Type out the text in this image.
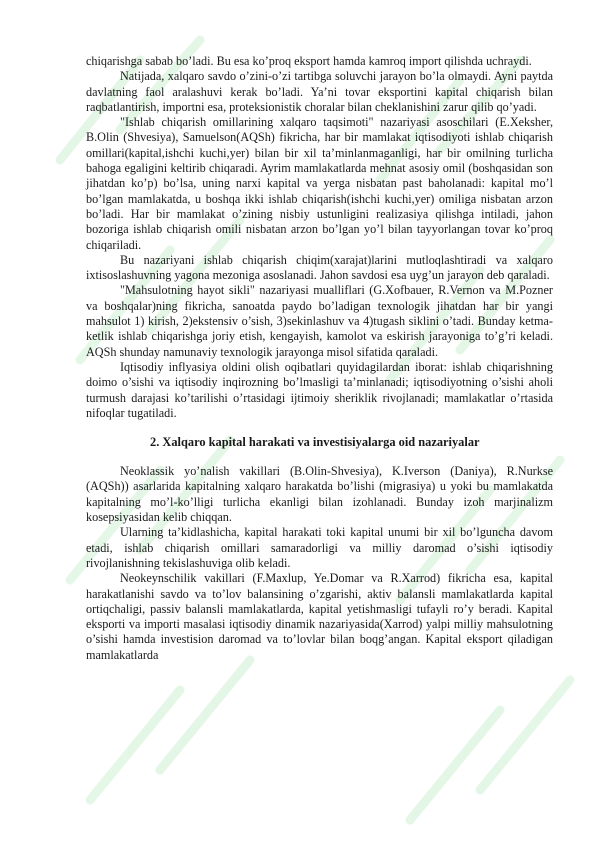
chiqarishga sabab bo’ladi. Bu esa ko’proq eksport hamda kamroq import qilishda uchraydi.

Natijada, xalqaro savdo o’zini-o’zi tartibga soluvchi jarayon bo’la olmaydi. Ayni paytda davlatning faol aralashuvi kerak bo’ladi. Ya’ni tovar eksportini kapital chiqarish bilan raqbatlantirish, importni esa, proteksionistik choralar bilan cheklanishini zarur qilib qo’yadi.

"Ishlab chiqarish omillarining xalqaro taqsimoti" nazariyasi asoschilari (E.Xeksher, B.Olin (Shvesiya), Samuelson(AQSh) fikricha, har bir mamlakat iqtisodiyoti ishlab chiqarish omillari(kapital,ishchi kuchi,yer) bilan bir xil ta’minlanmaganligi, har bir omilning turlicha bahoga egaligini keltirib chiqaradi. Ayrim mamlakatlarda mehnat asosiy omil (boshqasidan son jihatdan ko’p) bo’lsa, uning narxi kapital va yerga nisbatan past baholanadi: kapital mo’l bo’lgan mamlakatda, u boshqa ikki ishlab chiqarish(ishchi kuchi,yer) omiliga nisbatan arzon bo’ladi. Har bir mamlakat o’zining nisbiy ustunligini realizasiya qilishga intiladi, jahon bozoriga ishlab chiqarish omili nisbatan arzon bo’lgan yo’l bilan tayyorlangan tovar ko’proq chiqariladi.

Bu nazariyani ishlab chiqarish chiqim(xarajat)larini mutloqlashtiradi va xalqaro ixtisoslashuvning yagona mezoniga asoslanadi. Jahon savdosi esa uyg’un jarayon deb qaraladi.

"Mahsulotning hayot sikli" nazariyasi mualliflari (G.Xofbauer, R.Vernon va M.Pozner va boshqalar)ning fikricha, sanoatda paydo bo’ladigan texnologik jihatdan har bir yangi mahsulot 1) kirish, 2)ekstensiv o’sish, 3)sekinlashuv va 4)tugash siklini o’tadi. Bunday ketma-ketlik ishlab chiqarishga joriy etish, kengayish, kamolot va eskirish jarayoniga to’g’ri keladi. AQSh shunday namunaviy texnologik jarayonga misol sifatida qaraladi.

Iqtisodiy inflyasiya oldini olish oqibatlari quyidagilardan iborat: ishlab chiqarishning doimo o’sishi va iqtisodiy inqirozning bo’lmasligi ta’minlanadi; iqtisodiyotning o’sishi aholi turmush darajasi ko’tarilishi o’rtasidagi ijtimoiy sheriklik rivojlanadi; mamlakatlar o’rtasida nifoqlar tugatiladi.

2. Xalqaro kapital harakati va investisiyalarga oid nazariyalar

Neoklassik yo’nalish vakillari (B.Olin-Shvesiya), K.Iverson (Daniya), R.Nurkse (AQSh)) asarlarida kapitalning xalqaro harakatda bo’lishi (migrasiya) u yoki bu mamlakatda kapitalning mo’l-ko’lligi turlicha ekanligi bilan izohlanadi. Bunday izoh marjinalizm kosepsiyasidan kelib chiqqan.

Ularning ta’kidlashicha, kapital harakati toki kapital unumi bir xil bo’lguncha davom etadi, ishlab chiqarish omillari samaradorligi va milliy daromad o’sishi iqtisodiy rivojlanishning tekislashuviga olib keladi.

Neokeynschilik vakillari (F.Maxlup, Ye.Domar va R.Xarrod) fikricha esa, kapital harakatlanishi savdo va to’lov balansining o’zgarishi, aktiv balansli mamlakatlarda kapital ortiqchaligi, passiv balansli mamlakatlarda, kapital yetishmasligi tufayli ro’y beradi. Kapital eksporti va importi masalasi iqtisodiy dinamik nazariyasida(Xarrod) yalpi milliy mahsulotning o’sishi hamda investision daromad va to’lovlar bilan boqg’angan. Kapital eksport qiladigan mamlakatlarda
